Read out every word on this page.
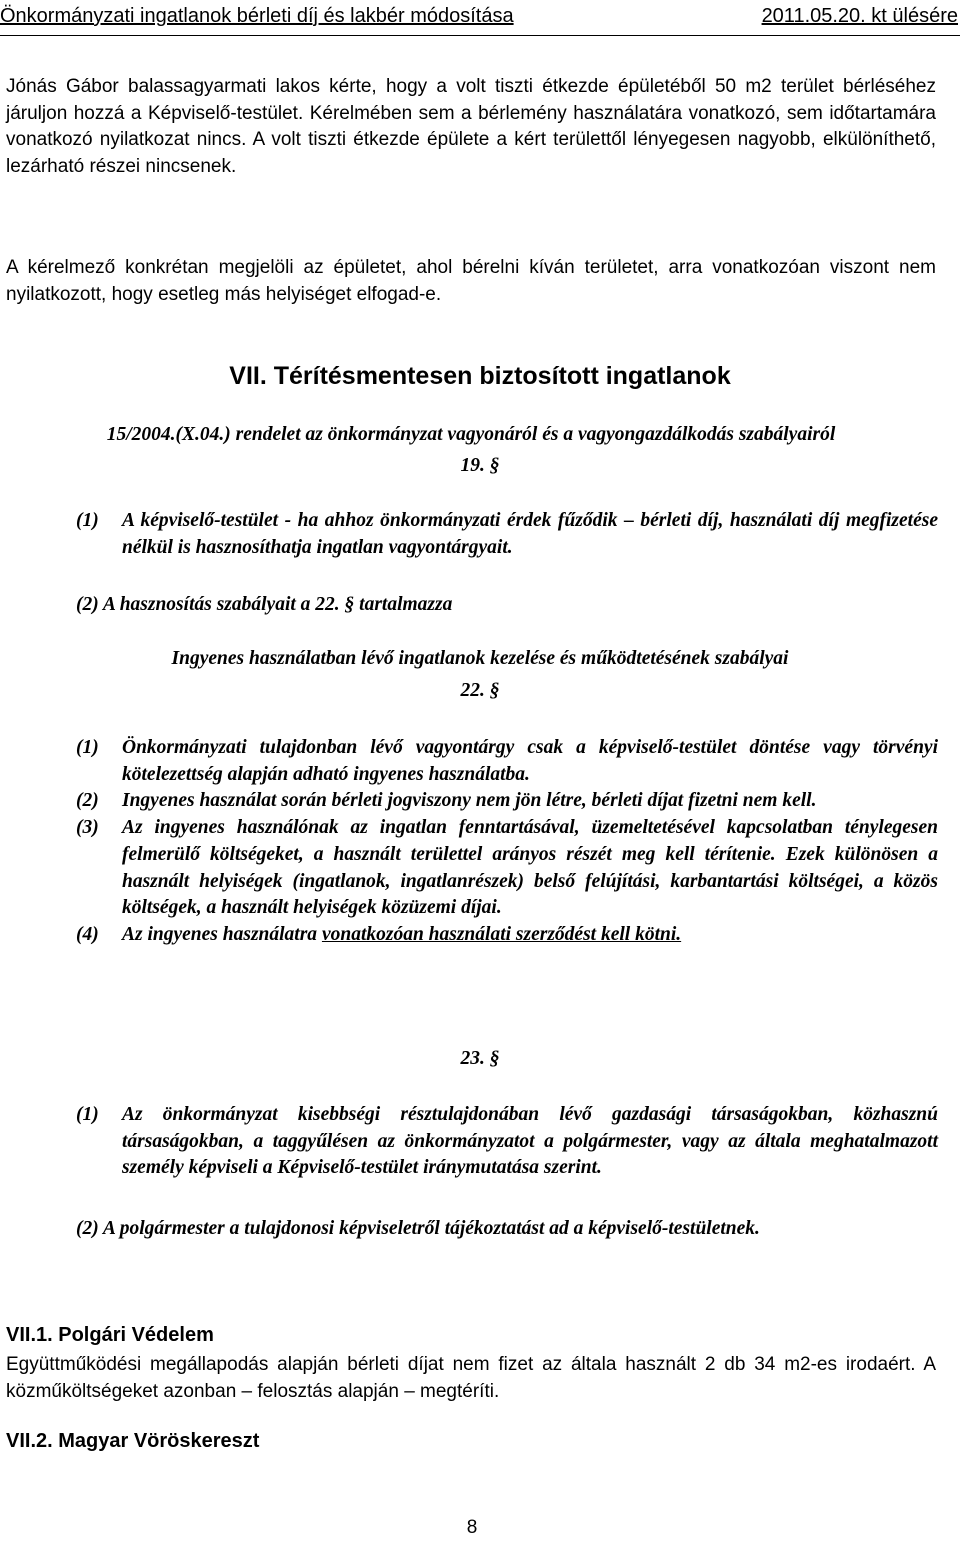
Önkormányzati ingatlanok bérleti díj és lakbér módosítása	2011.05.20. kt ülésére
Jónás Gábor balassagyarmati lakos kérte, hogy a volt tiszti étkezde épületéből 50 m2 terület bérléséhez járuljon hozzá a Képviselő-testület. Kérelmében sem a bérlemény használatára vonatkozó, sem időtartamára vonatkozó nyilatkozat nincs. A volt tiszti étkezde épülete a kért területtől lényegesen nagyobb, elkülöníthető, lezárható részei nincsenek.
A kérelmező konkrétan megjelöli az épületet, ahol bérelni kíván területet, arra vonatkozóan viszont nem nyilatkozott, hogy esetleg más helyiséget elfogad-e.
VII. Térítésmentesen biztosított ingatlanok
15/2004.(X.04.) rendelet az önkormányzat vagyonáról és a vagyongazdálkodás szabályairól
19. §
(1)	A képviselő-testület - ha ahhoz önkormányzati érdek fűződik – bérleti díj, használati díj megfizetése nélkül is hasznosíthatja ingatlan vagyontárgyait.
(2) A hasznosítás szabályait a 22. § tartalmazza
Ingyenes használatban lévő ingatlanok kezelése és működtetésének szabályai
22. §
(1)	Önkormányzati tulajdonban lévő vagyontárgy csak a képviselő-testület döntése vagy törvényi kötelezettség alapján adható ingyenes használatba.
(2)	Ingyenes használat során bérleti jogviszony nem jön létre, bérleti díjat fizetni nem kell.
(3)	Az ingyenes használónak az ingatlan fenntartásával, üzemeltetésével kapcsolatban ténylegesen felmerülő költségeket, a használt területtel arányos részét meg kell térítenie. Ezek különösen a használt helyiségek (ingatlanok, ingatlanrészek) belső felújítási, karbantartási költségei, a közös költségek, a használt helyiségek közüzemi díjai.
(4)	Az ingyenes használatra vonatkozóan használati szerződést kell kötni.
23. §
(1)	Az önkormányzat kisebbségi résztulajdonában lévő gazdasági társaságokban, közhasznú társaságokban, a taggyűlésen az önkormányzatot a polgármester, vagy az általa meghatalmazott személy képviseli a Képviselő-testület iránymutatása szerint.
(2) A polgármester a tulajdonosi képviseletről tájékoztatást ad a képviselő-testületnek.
VII.1. Polgári Védelem
Együttműködési megállapodás alapján bérleti díjat nem fizet az általa használt 2 db 34 m2-es irodaért. A közműköltségeket azonban – felosztás alapján – megtéríti.
VII.2. Magyar Vöröskereszt
8
